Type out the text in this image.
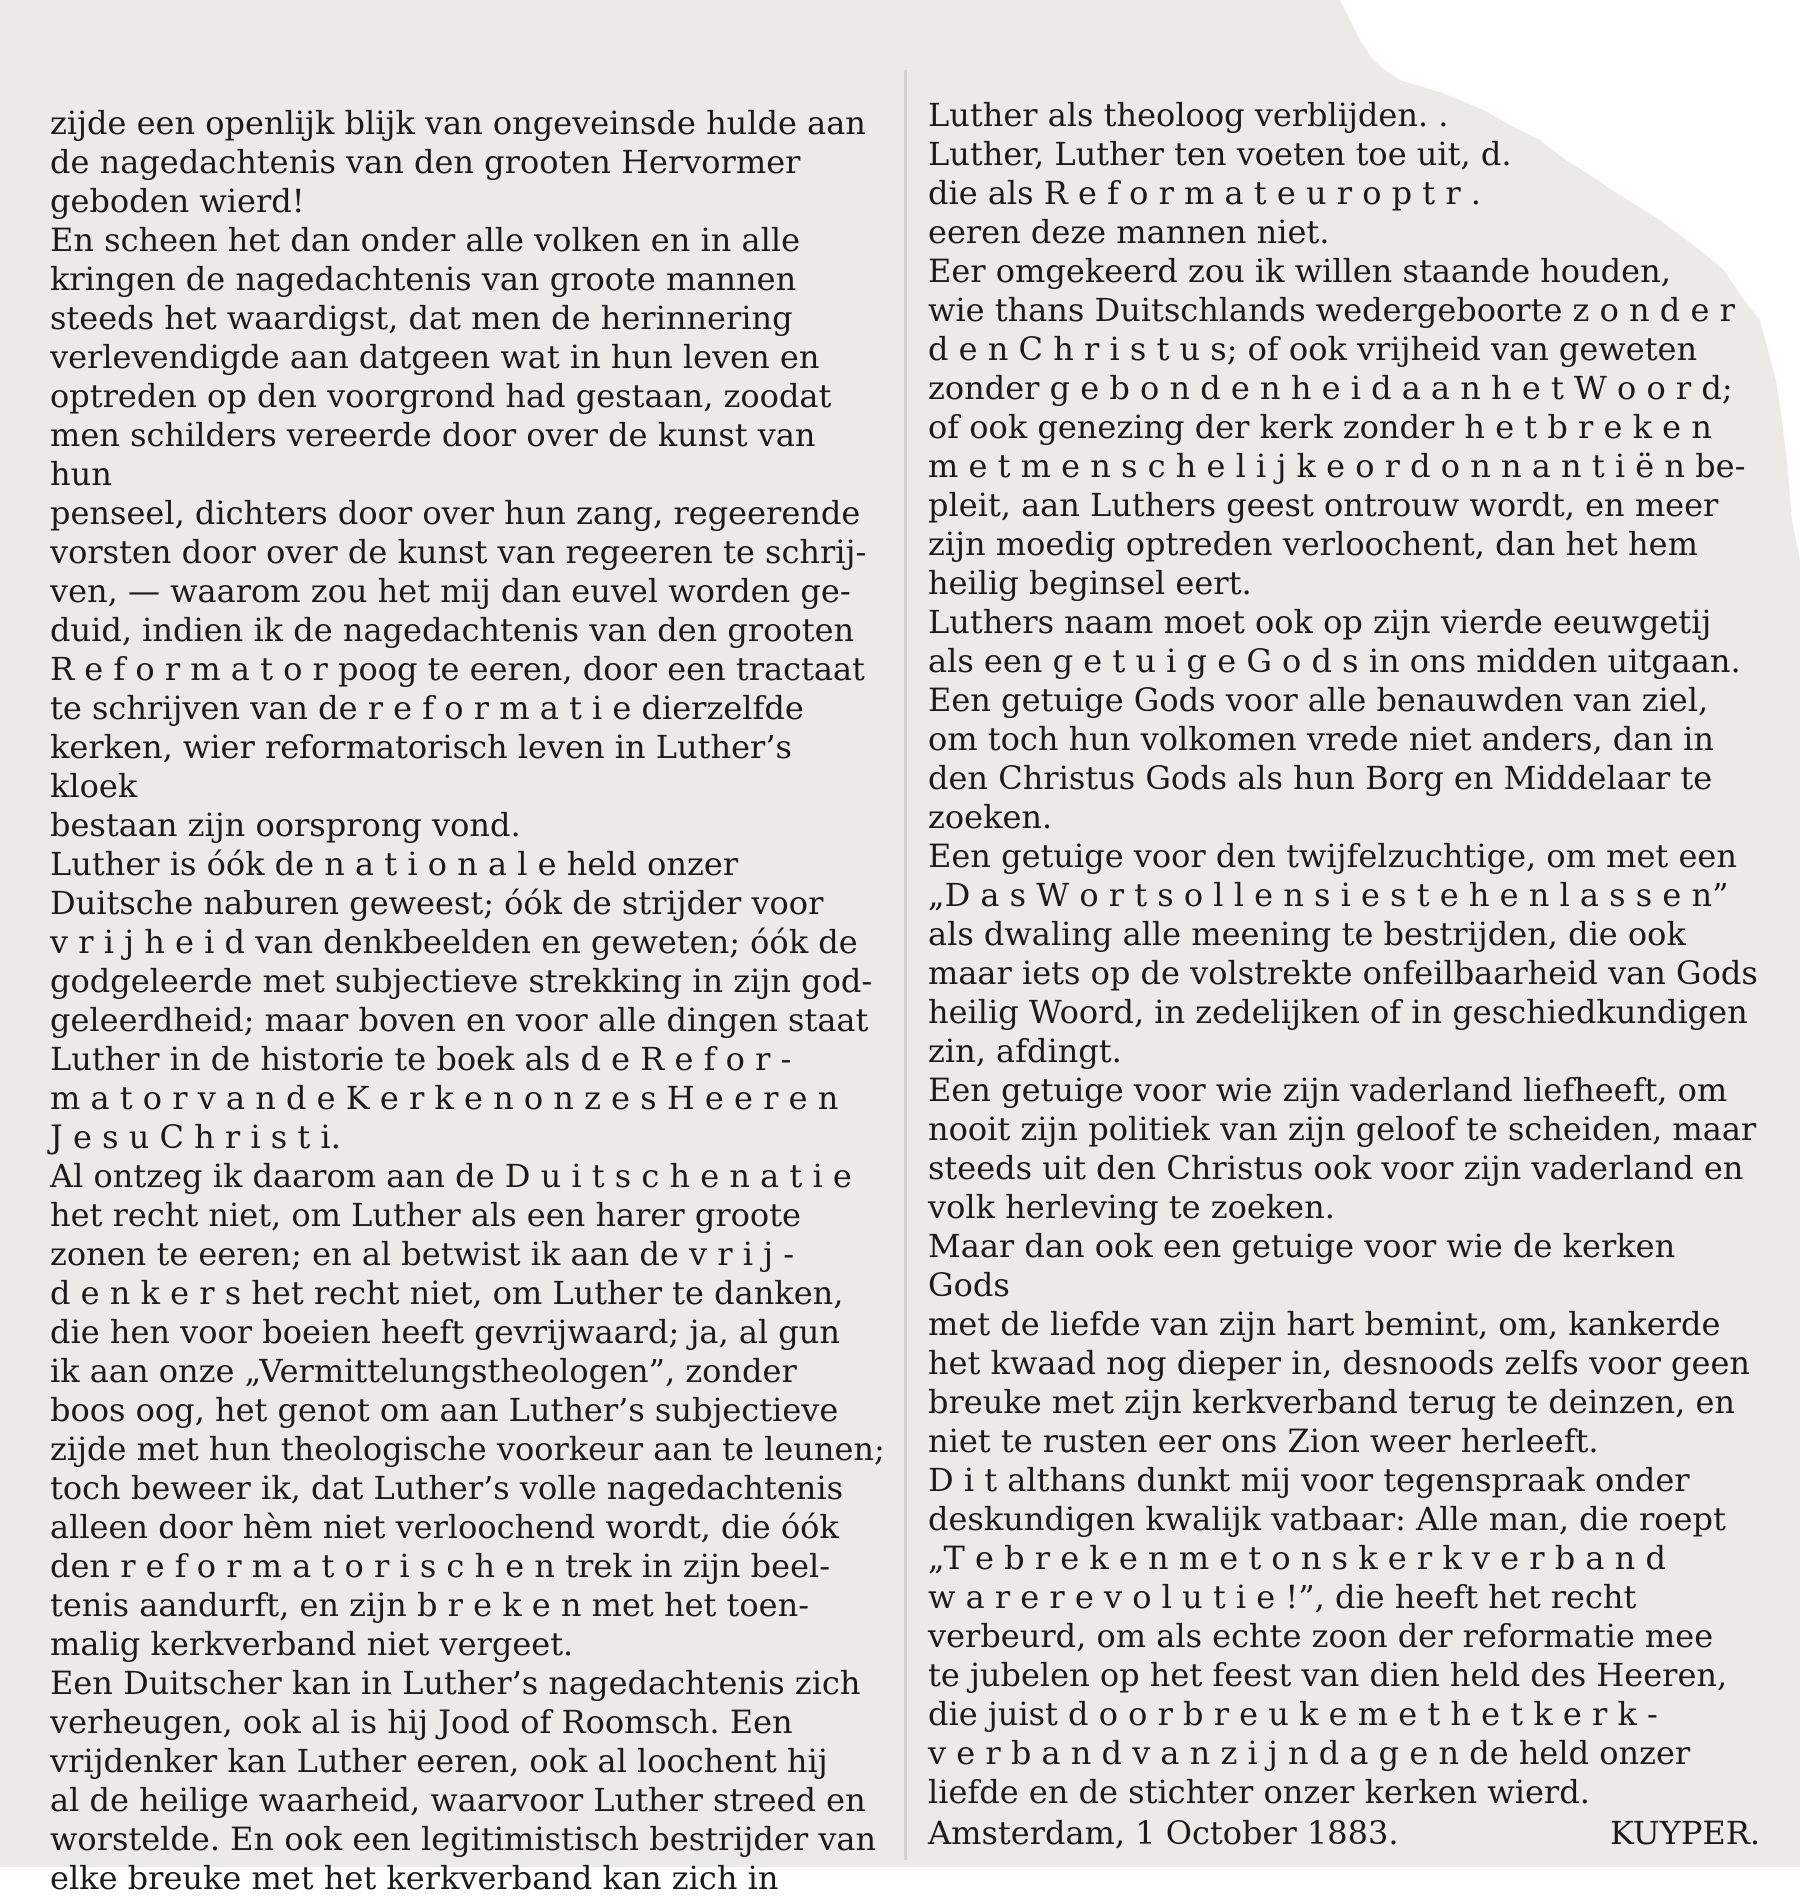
zijde een openlijk blijk van ongeveinsde hulde aan
de nagedachtenis van den grooten Hervormer
geboden wierd!

En scheen het dan onder alle volken en in alle
kringen de nagedachtenis van groote mannen
steeds het waardigst, dat men de herinnering
verlevendigde aan datgeen wat in hun leven en
optreden op den voorgrond had gestaan, zoodat
men schilders vereerde door over de kunst van hun
penseel, dichters door over hun zang, regeerende
vorsten door over de kunst van regeeren te schrij-
ven, — waarom zou het mij dan euvel worden ge-
duid, indien ik de nagedachtenis van den grooten
R e f o r m a t o r poog te eeren, door een tractaat
te schrijven van de r e f o r m a t i e dierzelfde
kerken, wier reformatorisch leven in Luther’s kloek
bestaan zijn oorsprong vond.

Luther is óók de n a t i o n a l e held onzer
Duitsche naburen geweest; óók de strijder voor
v r i j h e i d van denkbeelden en geweten; óók de
godgeleerde met subjectieve strekking in zijn god-
geleerdheid; maar boven en voor alle dingen staat
Luther in de historie te boek als d e R e f o r -
m a t o r v a n d e K e r k e n o n z e s H e e r e n
J e s u C h r i s t i.

Al ontzeg ik daarom aan de D u i t s c h e n a t i e
het recht niet, om Luther als een harer groote
zonen te eeren; en al betwist ik aan de v r i j -
d e n k e r s het recht niet, om Luther te danken,
die hen voor boeien heeft gevrijwaard; ja, al gun
ik aan onze „Vermittelungstheologen”, zonder
boos oog, het genot om aan Luther’s subjectieve
zijde met hun theologische voorkeur aan te leunen;
toch beweer ik, dat Luther’s volle nagedachtenis
alleen door hèm niet verloochend wordt, die óók
den r e f o r m a t o r i s c h e n trek in zijn beel-
tenis aandurft, en zijn b r e k e n met het toen-
malig kerkverband niet vergeet.

Een Duitscher kan in Luther’s nagedachtenis zich
verheugen, ook al is hij Jood of Roomsch. Een
vrijdenker kan Luther eeren, ook al loochent hij
al de heilige waarheid, waarvoor Luther streed en
worstelde. En ook een legitimistisch bestrijder van
elke breuke met het kerkverband kan zich in

Luther als theoloog verblijden. .
Luther, Luther ten voeten toe uit, d.
die als R e f o r m a t e u r o p t r .
eeren deze mannen niet.

Eer omgekeerd zou ik willen staande houden,
wie thans Duitschlands wedergeboorte z o n d e r
d e n C h r i s t u s; of ook vrijheid van geweten
zonder g e b o n d e n h e i d a a n h e t W o o r d;
of ook genezing der kerk zonder h e t b r e k e n
m e t m e n s c h e l i j k e o r d o n n a n t i ë n be-
pleit, aan Luthers geest ontrouw wordt, en meer
zijn moedig optreden verloochent, dan het hem
heilig beginsel eert.

Luthers naam moet ook op zijn vierde eeuwgetij
als een g e t u i g e G o d s in ons midden uitgaan.
Een getuige Gods voor alle benauwden van ziel,
om toch hun volkomen vrede niet anders, dan in
den Christus Gods als hun Borg en Middelaar te
zoeken.

Een getuige voor den twijfelzuchtige, om met een
„D a s W o r t s o l l e n s i e s t e h e n l a s s e n”
als dwaling alle meening te bestrijden, die ook
maar iets op de volstrekte onfeilbaarheid van Gods
heilig Woord, in zedelijken of in geschiedkundigen
zin, afdingt.

Een getuige voor wie zijn vaderland liefheeft, om
nooit zijn politiek van zijn geloof te scheiden, maar
steeds uit den Christus ook voor zijn vaderland en
volk herleving te zoeken.

Maar dan ook een getuige voor wie de kerken Gods
met de liefde van zijn hart bemint, om, kankerde
het kwaad nog dieper in, desnoods zelfs voor geen
breuke met zijn kerkverband terug te deinzen, en
niet te rusten eer ons Zion weer herleeft.

D i t althans dunkt mij voor tegenspraak onder
deskundigen kwalijk vatbaar: Alle man, die roept
„T e b r e k e n m e t o n s k e r k v e r b a n d
w a r e r e v o l u t i e !”, die heeft het recht
verbeurd, om als echte zoon der reformatie mee
te jubelen op het feest van dien held des Heeren,
die juist d o o r b r e u k e m e t h e t k e r k -
v e r b a n d v a n z i j n d a g e n de held onzer
liefde en de stichter onzer kerken wierd.

Amsterdam, 1 October 1883.	KUYPER.
